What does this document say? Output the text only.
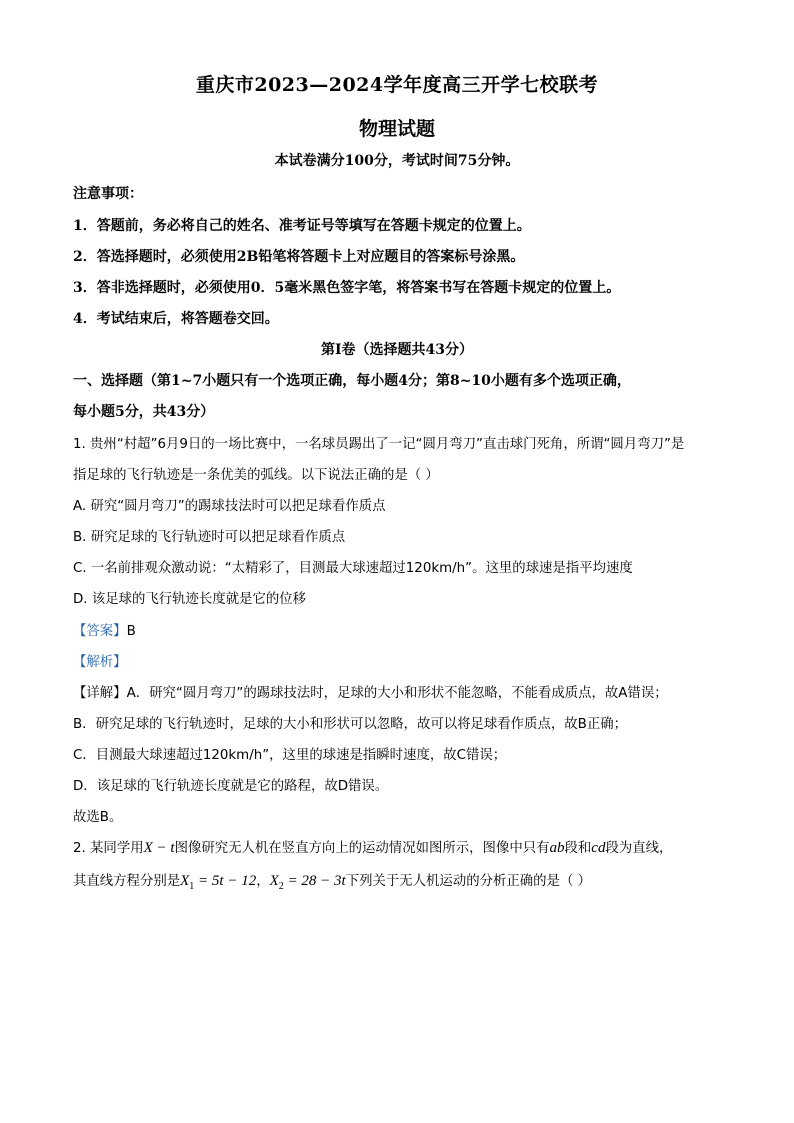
重庆市2023—2024学年度高三开学七校联考
物理试题
本试卷满分100分，考试时间75分钟。
注意事项：
1．答题前，务必将自己的姓名、准考证号等填写在答题卡规定的位置上。
2．答选择题时，必须使用2B铅笔将答题卡上对应题目的答案标号涂黑。
3．答非选择题时，必须使用0．5毫米黑色签字笔，将答案书写在答题卡规定的位置上。
4．考试结束后，将答题卷交回。
第Ⅰ卷（选择题共43分）
一、选择题（第1~7小题只有一个选项正确，每小题4分；第8~10小题有多个选项正确，
每小题5分，共43分）
1. 贵州“村超”6月9日的一场比赛中，一名球员踢出了一记“圆月弯刀”直击球门死角，所谓“圆月弯刀”是
指足球的飞行轨迹是一条优美的弧线。以下说法正确的是（ ）
A. 研究“圆月弯刀”的踢球技法时可以把足球看作质点
B. 研究足球的飞行轨迹时可以把足球看作质点
C. 一名前排观众激动说：“太精彩了，目测最大球速超过120km/h”。这里的球速是指平均速度
D. 该足球的飞行轨迹长度就是它的位移
【答案】B
【解析】
【详解】A．研究“圆月弯刀”的踢球技法时，足球的大小和形状不能忽略，不能看成质点，故A错误；
B．研究足球的飞行轨迹时，足球的大小和形状可以忽略，故可以将足球看作质点，故B正确；
C．目测最大球速超过120km/h”，这里的球速是指瞬时速度，故C错误；
D．该足球的飞行轨迹长度就是它的路程，故D错误。
故选B。
2. 某同学用X − t图像研究无人机在竖直方向上的运动情况如图所示，图像中只有ab段和cd段为直线，
其直线方程分别是$X_1 = 5t - 12$，$X_2 = 28 - 3t$下列关于无人机运动的分析正确的是（ ）
